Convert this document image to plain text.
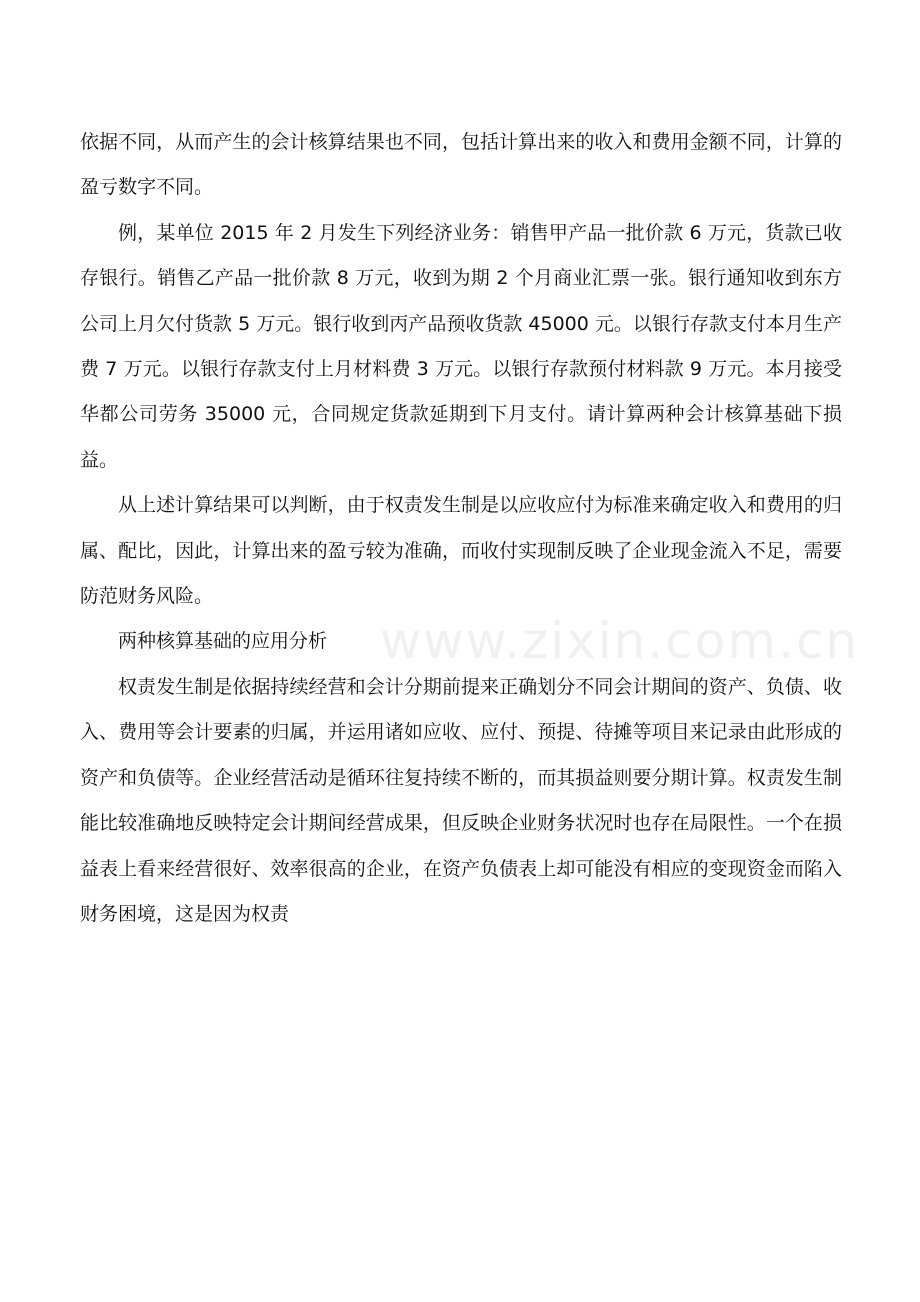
依据不同，从而产生的会计核算结果也不同，包括计算出来的收入和费用金额不同，计算的盈亏数字不同。

例，某单位 2015 年 2 月发生下列经济业务：销售甲产品一批价款 6 万元，货款已收存银行。销售乙产品一批价款 8 万元，收到为期 2 个月商业汇票一张。银行通知收到东方公司上月欠付货款 5 万元。银行收到丙产品预收货款 45000 元。以银行存款支付本月生产费 7 万元。以银行存款支付上月材料费 3 万元。以银行存款预付材料款 9 万元。本月接受华都公司劳务 35000 元，合同规定货款延期到下月支付。请计算两种会计核算基础下损益。

从上述计算结果可以判断，由于权责发生制是以应收应付为标准来确定收入和费用的归属、配比，因此，计算出来的盈亏较为准确，而收付实现制反映了企业现金流入不足，需要防范财务风险。

两种核算基础的应用分析

权责发生制是依据持续经营和会计分期前提来正确划分不同会计期间的资产、负债、收入、费用等会计要素的归属，并运用诸如应收、应付、预提、待摊等项目来记录由此形成的资产和负债等。企业经营活动是循环往复持续不断的，而其损益则要分期计算。权责发生制能比较准确地反映特定会计期间经营成果，但反映企业财务状况时也存在局限性。一个在损益表上看来经营很好、效率很高的企业，在资产负债表上却可能没有相应的变现资金而陷入财务困境，这是因为权责

www.zixin.com.cn
